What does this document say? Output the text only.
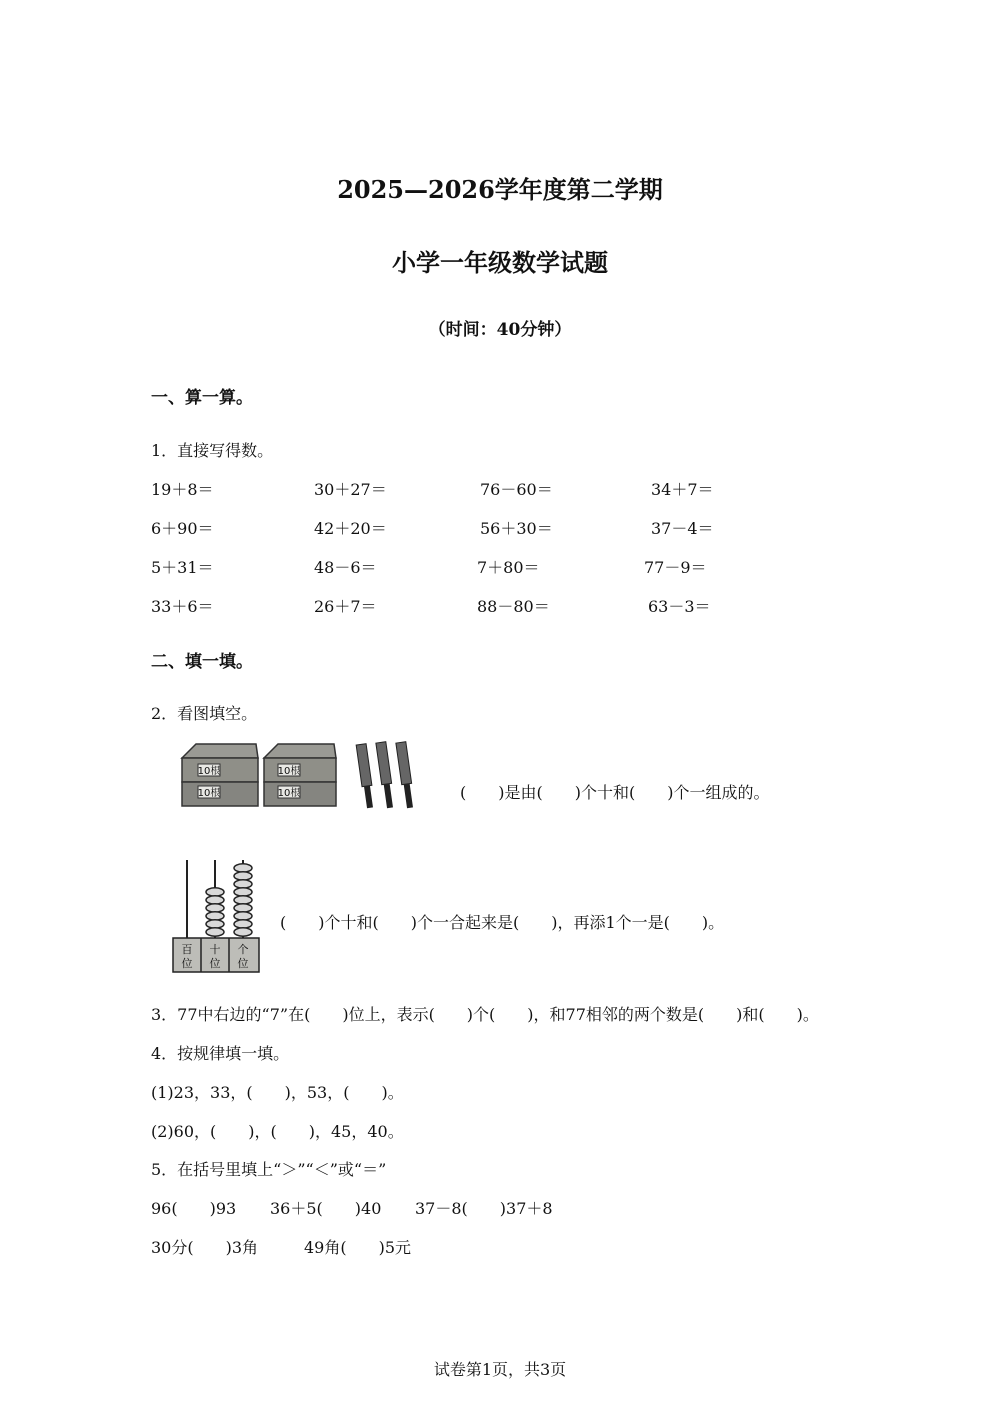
2025—2026学年度第二学期
小学一年级数学试题
（时间：40分钟）
一、算一算。
1．直接写得数。
19＋8＝	30＋27＝	76－60＝	34＋7＝
6＋90＝	42＋20＝	56＋30＝	37－4＝
5＋31＝	48－6＝	7＋80＝	77－9＝
33＋6＝	26＋7＝	88－80＝	63－3＝
二、填一填。
2．看图填空。
10根
10根
10根
10根	(　　)是由(　　)个十和(　　)个一组成的。
百
位
十
位
个
位
(　　)个十和(　　)个一合起来是(　　)，再添1个一是(　　)。
3．77中右边的“7”在(　　)位上，表示(　　)个(　　)，和77相邻的两个数是(　　)和(　　)。
4．按规律填一填。
(1)23，33，(　　)，53，(　　)。
(2)60，(　　)，(　　)，45，40。
5．在括号里填上“＞”“＜”或“＝”
96(　　)93 36＋5(　　)40 37－8(　　)37＋8
30分(　　)3角	49角(　　)5元
试卷第1页，共3页
